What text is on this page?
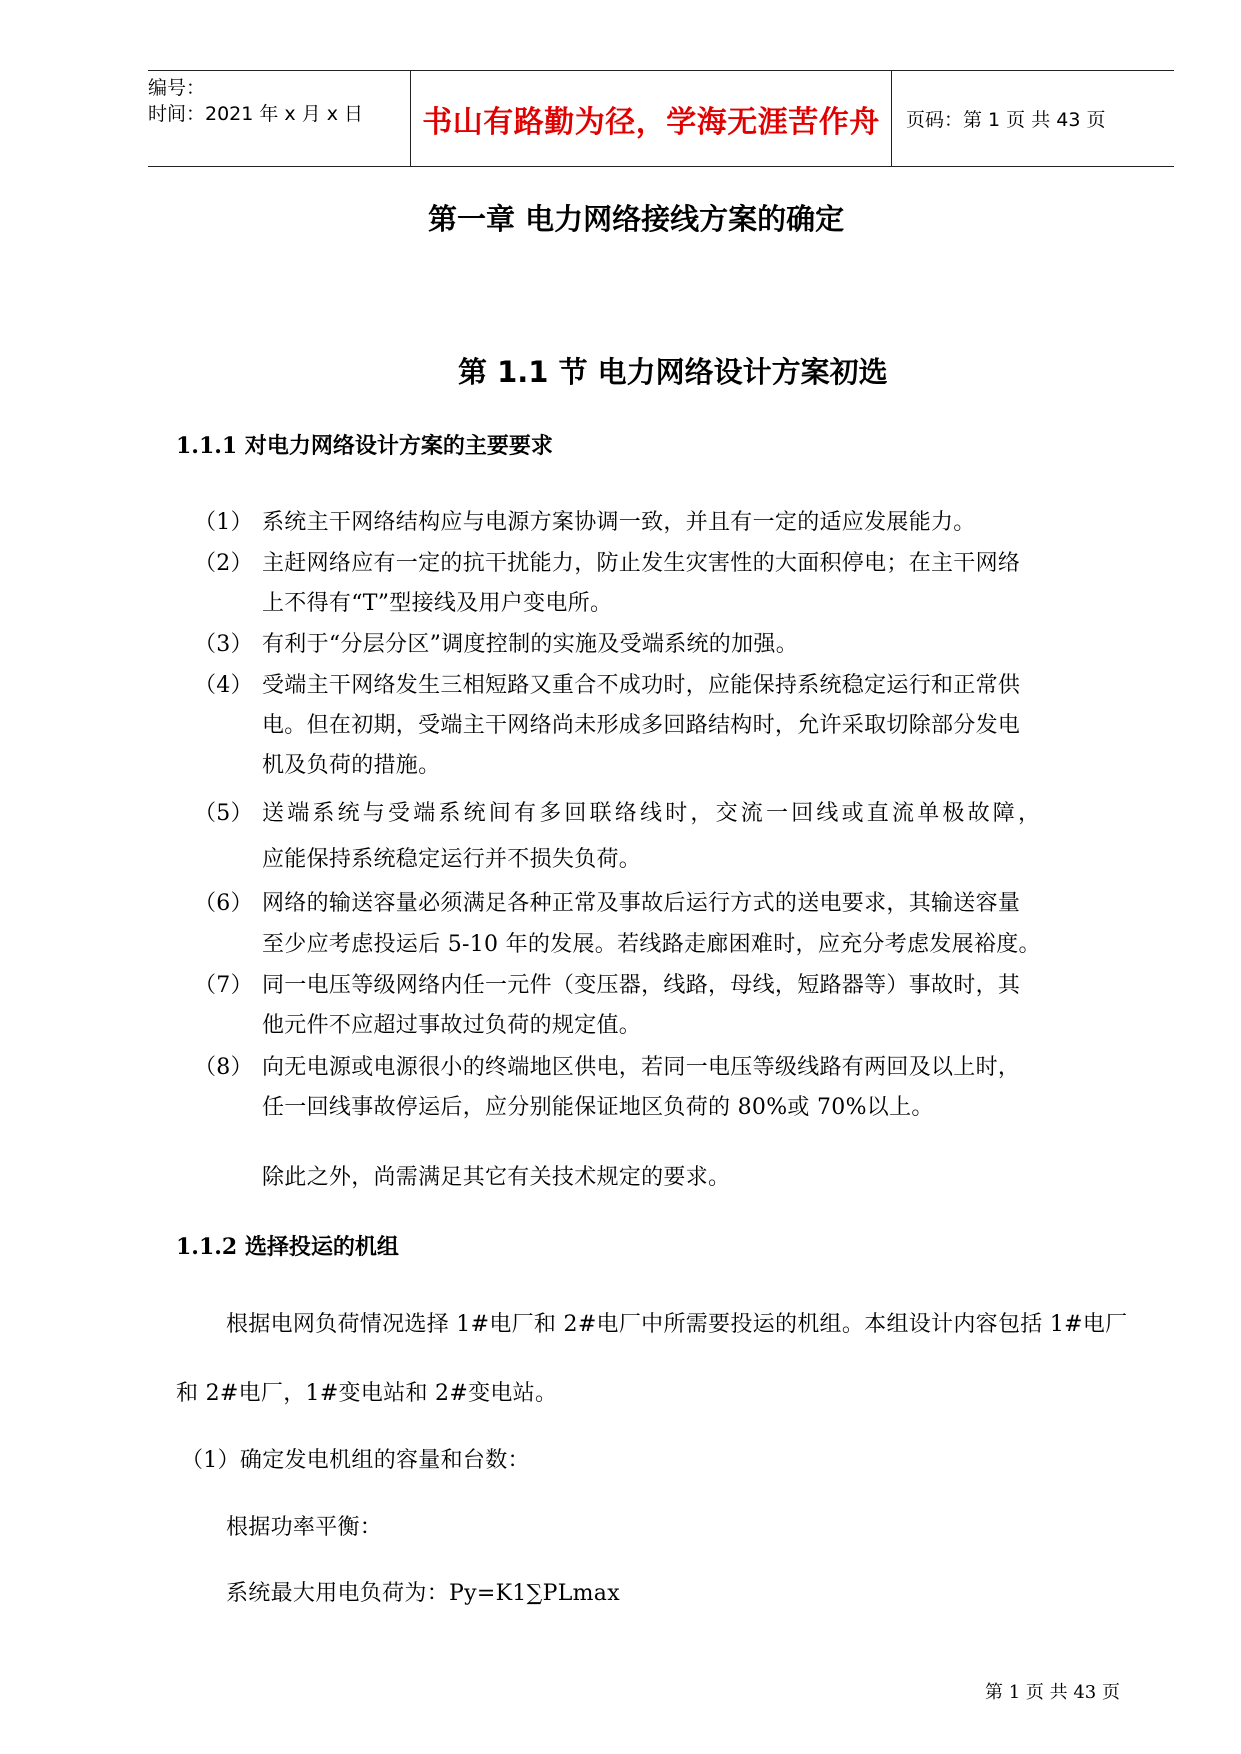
编号：
时间：2021 年 x 月 x 日	书山有路勤为径，学海无涯苦作舟	页码：第 1 页 共 43 页
第一章 电力网络接线方案的确定
第 1.1 节 电力网络设计方案初选
1.1.1 对电力网络设计方案的主要要求
（1） 系统主干网络结构应与电源方案协调一致，并且有一定的适应发展能力。
（2） 主赶网络应有一定的抗干扰能力，防止发生灾害性的大面积停电；在主干网络
上不得有“T”型接线及用户变电所。
（3） 有利于“分层分区”调度控制的实施及受端系统的加强。
（4） 受端主干网络发生三相短路又重合不成功时，应能保持系统稳定运行和正常供
电。但在初期，受端主干网络尚未形成多回路结构时，允许采取切除部分发电
机及负荷的措施。
（5） 送端系统与受端系统间有多回联络线时，交流一回线或直流单极故障，
应能保持系统稳定运行并不损失负荷。
（6） 网络的输送容量必须满足各种正常及事故后运行方式的送电要求，其输送容量
至少应考虑投运后 5-10 年的发展。若线路走廊困难时，应充分考虑发展裕度。
（7） 同一电压等级网络内任一元件（变压器，线路，母线，短路器等）事故时，其
他元件不应超过事故过负荷的规定值。
（8） 向无电源或电源很小的终端地区供电，若同一电压等级线路有两回及以上时，
任一回线事故停运后，应分别能保证地区负荷的 80%或 70%以上。
除此之外，尚需满足其它有关技术规定的要求。
1.1.2 选择投运的机组
根据电网负荷情况选择 1#电厂和 2#电厂中所需要投运的机组。本组设计内容包括 1#电厂
和 2#电厂，1#变电站和 2#变电站。
（1）确定发电机组的容量和台数：
根据功率平衡：
系统最大用电负荷为：Py=K1∑PLmax
第 1 页 共 43 页
